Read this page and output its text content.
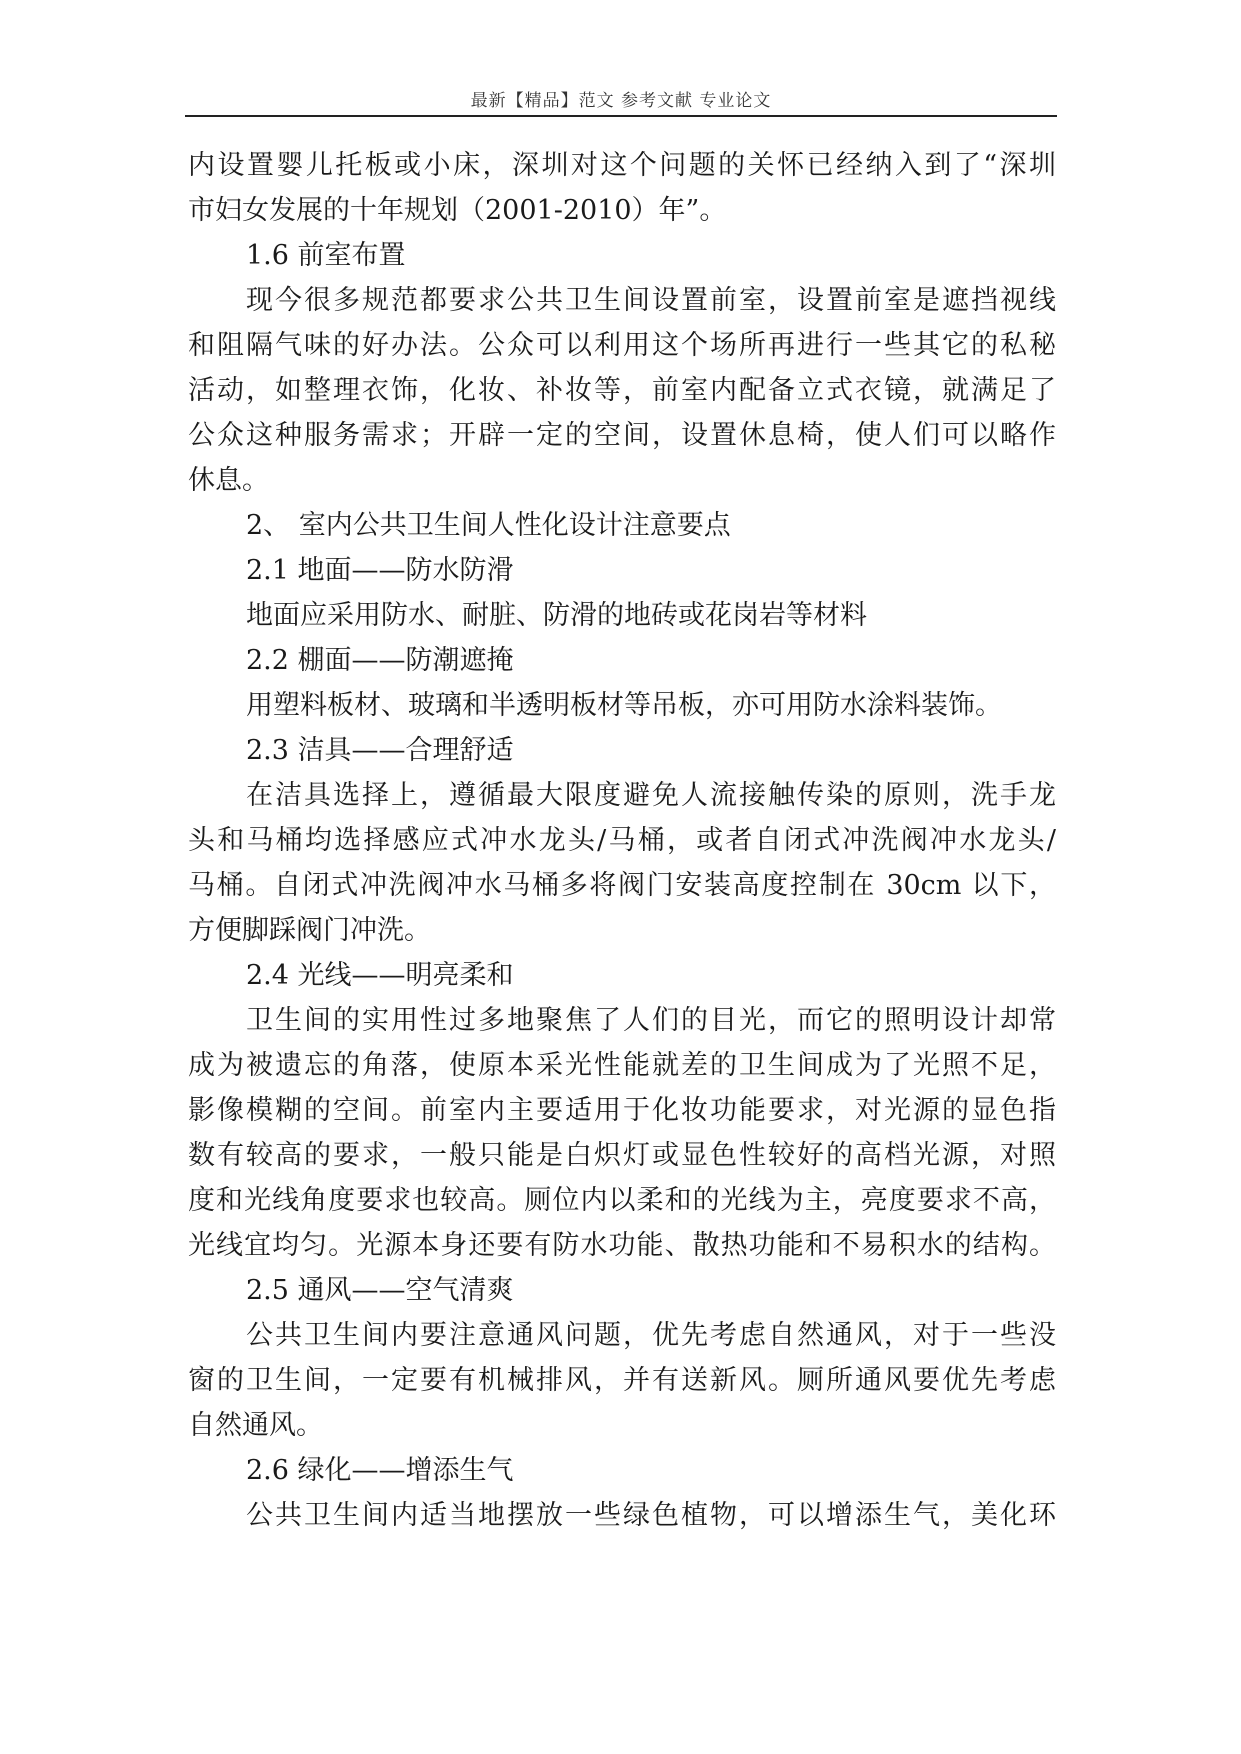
最新【精品】范文 参考文献 专业论文

内设置婴儿托板或小床，深圳对这个问题的关怀已经纳入到了“深圳

市妇女发展的十年规划（2001-2010）年”。

1.6 前室布置

现今很多规范都要求公共卫生间设置前室，设置前室是遮挡视线

和阻隔气味的好办法。公众可以利用这个场所再进行一些其它的私秘

活动，如整理衣饰，化妆、补妆等，前室内配备立式衣镜，就满足了

公众这种服务需求；开辟一定的空间，设置休息椅，使人们可以略作

休息。

2、 室内公共卫生间人性化设计注意要点

2.1 地面——防水防滑

地面应采用防水、耐脏、防滑的地砖或花岗岩等材料

2.2 棚面——防潮遮掩

用塑料板材、玻璃和半透明板材等吊板，亦可用防水涂料装饰。

2.3 洁具——合理舒适

在洁具选择上，遵循最大限度避免人流接触传染的原则，洗手龙

头和马桶均选择感应式冲水龙头/马桶，或者自闭式冲洗阀冲水龙头/

马桶。自闭式冲洗阀冲水马桶多将阀门安装高度控制在 30cm 以下，

方便脚踩阀门冲洗。

2.4 光线——明亮柔和

卫生间的实用性过多地聚焦了人们的目光，而它的照明设计却常

成为被遗忘的角落，使原本采光性能就差的卫生间成为了光照不足，

影像模糊的空间。前室内主要适用于化妆功能要求，对光源的显色指

数有较高的要求，一般只能是白炽灯或显色性较好的高档光源，对照

度和光线角度要求也较高。厕位内以柔和的光线为主，亮度要求不高，

光线宜均匀。光源本身还要有防水功能、散热功能和不易积水的结构。

2.5 通风——空气清爽

公共卫生间内要注意通风问题，优先考虑自然通风，对于一些没

窗的卫生间，一定要有机械排风，并有送新风。厕所通风要优先考虑

自然通风。

2.6 绿化——增添生气

公共卫生间内适当地摆放一些绿色植物，可以增添生气，美化环
